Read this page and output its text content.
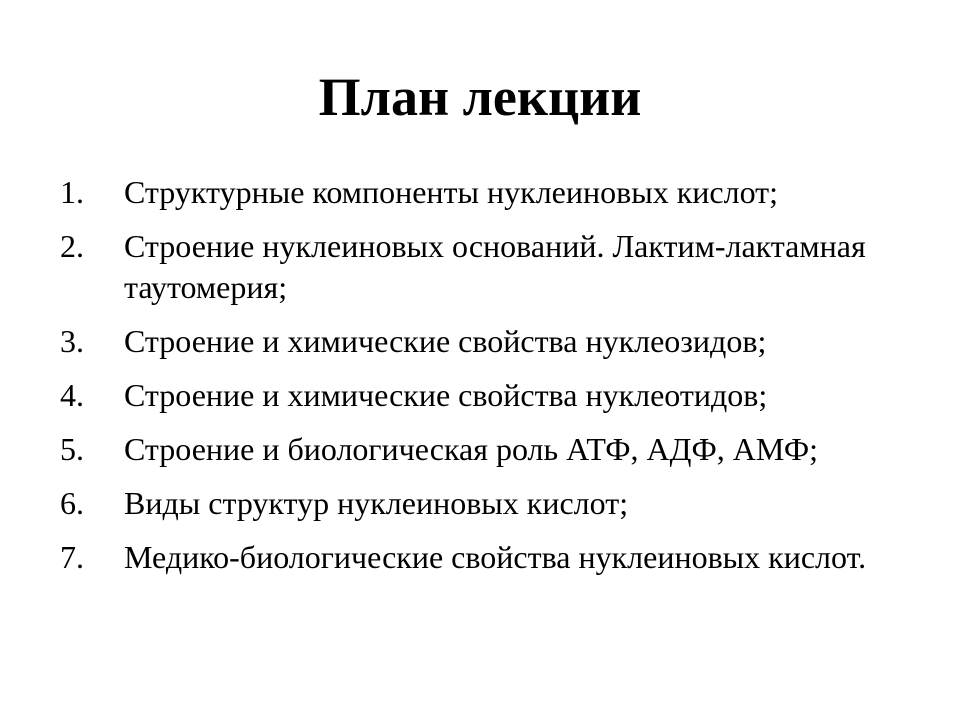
План лекции
1.	Структурные компоненты нуклеиновых кислот;
2.	Строение нуклеиновых оснований. Лактим-лактамная таутомерия;
3.	Строение и химические свойства нуклеозидов;
4.	Строение и химические свойства нуклеотидов;
5.	Строение и биологическая роль АТФ, АДФ, АМФ;
6.	Виды структур нуклеиновых кислот;
7.	Медико-биологические свойства нуклеиновых кислот.
